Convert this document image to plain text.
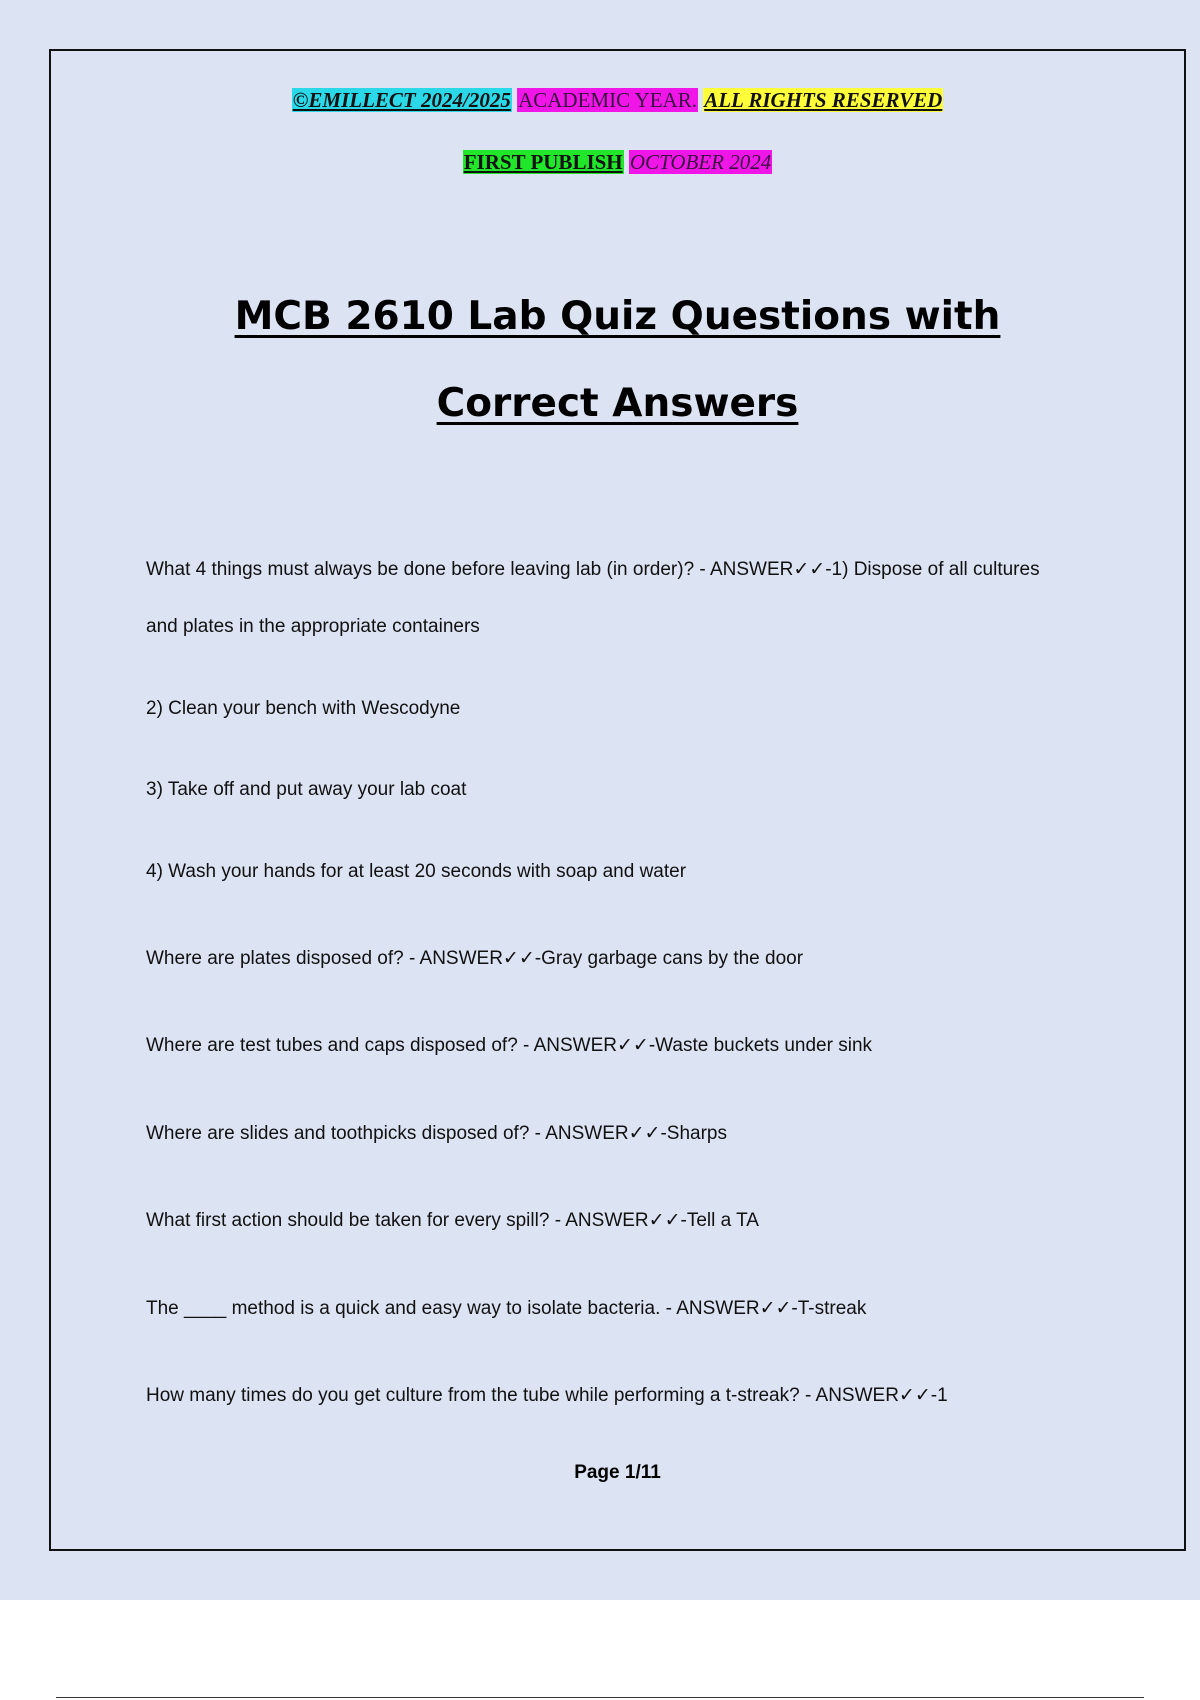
©EMILLECT 2024/2025 ACADEMIC YEAR. ALL RIGHTS RESERVED
FIRST PUBLISH OCTOBER 2024
MCB 2610 Lab Quiz Questions with
Correct Answers
What 4 things must always be done before leaving lab (in order)? - ANSWER✓✓-1) Dispose of all cultures
and plates in the appropriate containers
2) Clean your bench with Wescodyne
3) Take off and put away your lab coat
4) Wash your hands for at least 20 seconds with soap and water
Where are plates disposed of? - ANSWER✓✓-Gray garbage cans by the door
Where are test tubes and caps disposed of? - ANSWER✓✓-Waste buckets under sink
Where are slides and toothpicks disposed of? - ANSWER✓✓-Sharps
What first action should be taken for every spill? - ANSWER✓✓-Tell a TA
The ____ method is a quick and easy way to isolate bacteria. - ANSWER✓✓-T-streak
How many times do you get culture from the tube while performing a t-streak? - ANSWER✓✓-1
Page 1/11
